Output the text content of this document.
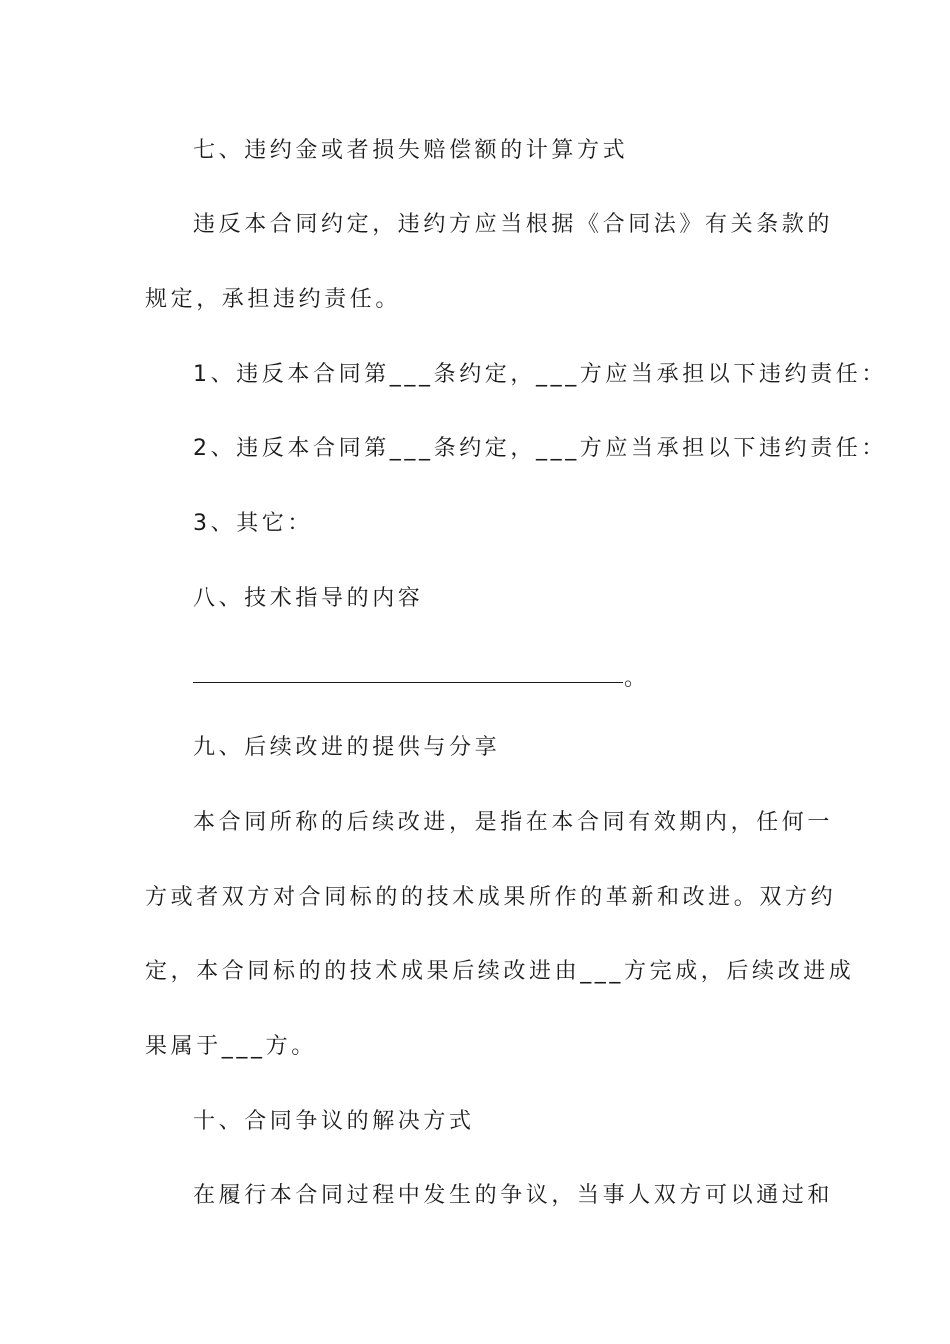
七、违约金或者损失赔偿额的计算方式

违反本合同约定，违约方应当根据《合同法》有关条款的

规定，承担违约责任。

1、违反本合同第___条约定，___方应当承担以下违约责任：

2、违反本合同第___条约定，___方应当承担以下违约责任：

3、其它：

八、技术指导的内容

。

九、后续改进的提供与分享

本合同所称的后续改进，是指在本合同有效期内，任何一

方或者双方对合同标的的技术成果所作的革新和改进。双方约

定，本合同标的的技术成果后续改进由___方完成，后续改进成

果属于___方。

十、合同争议的解决方式

在履行本合同过程中发生的争议，当事人双方可以通过和
